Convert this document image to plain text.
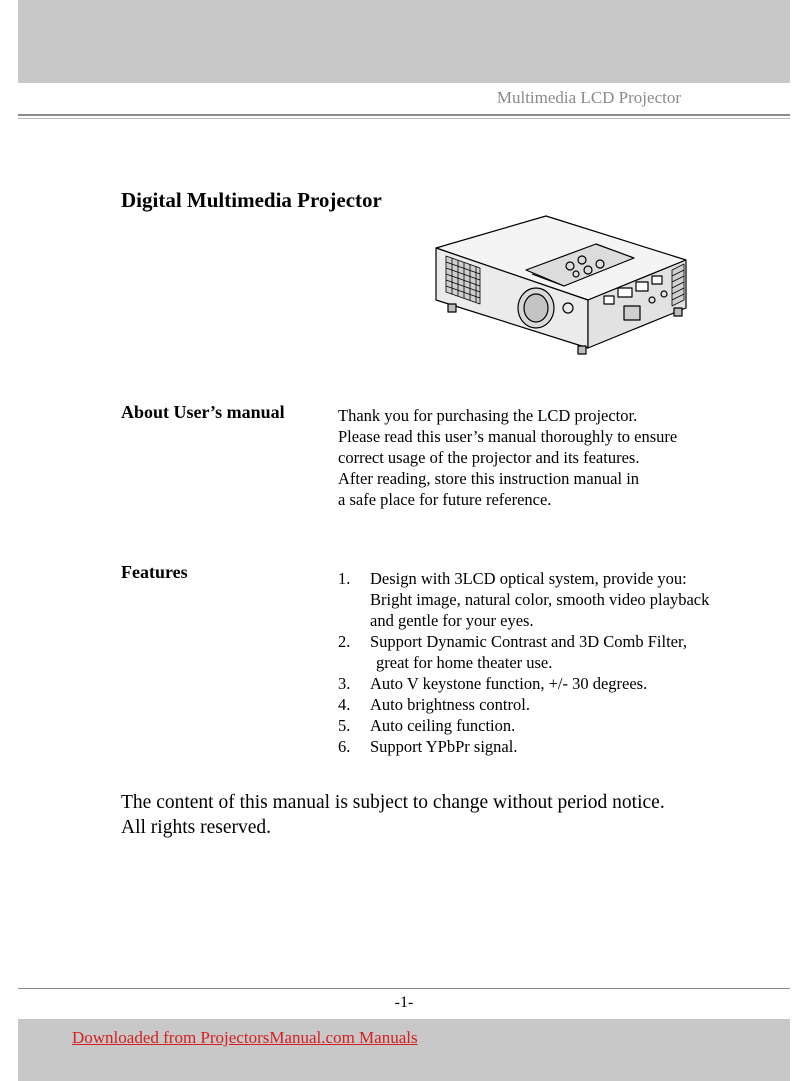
Multimedia LCD Projector
Digital Multimedia Projector
About User’s manual	Thank you for purchasing the LCD projector.
Please read this user’s manual thoroughly to ensure
correct usage of the projector and its features.
After reading, store this instruction manual in
a safe place for future reference.
Features	1. Design with 3LCD optical system, provide you:
Bright image, natural color, smooth video playback
and gentle for your eyes.
2. Support Dynamic Contrast and 3D Comb Filter,
great for home theater use.
3. Auto V keystone function, +/- 30 degrees.
4. Auto brightness control.
5. Auto ceiling function.
6. Support YPbPr signal.
The content of this manual is subject to change without period notice.
All rights reserved.
-1-
Downloaded from ProjectorsManual.com Manuals
